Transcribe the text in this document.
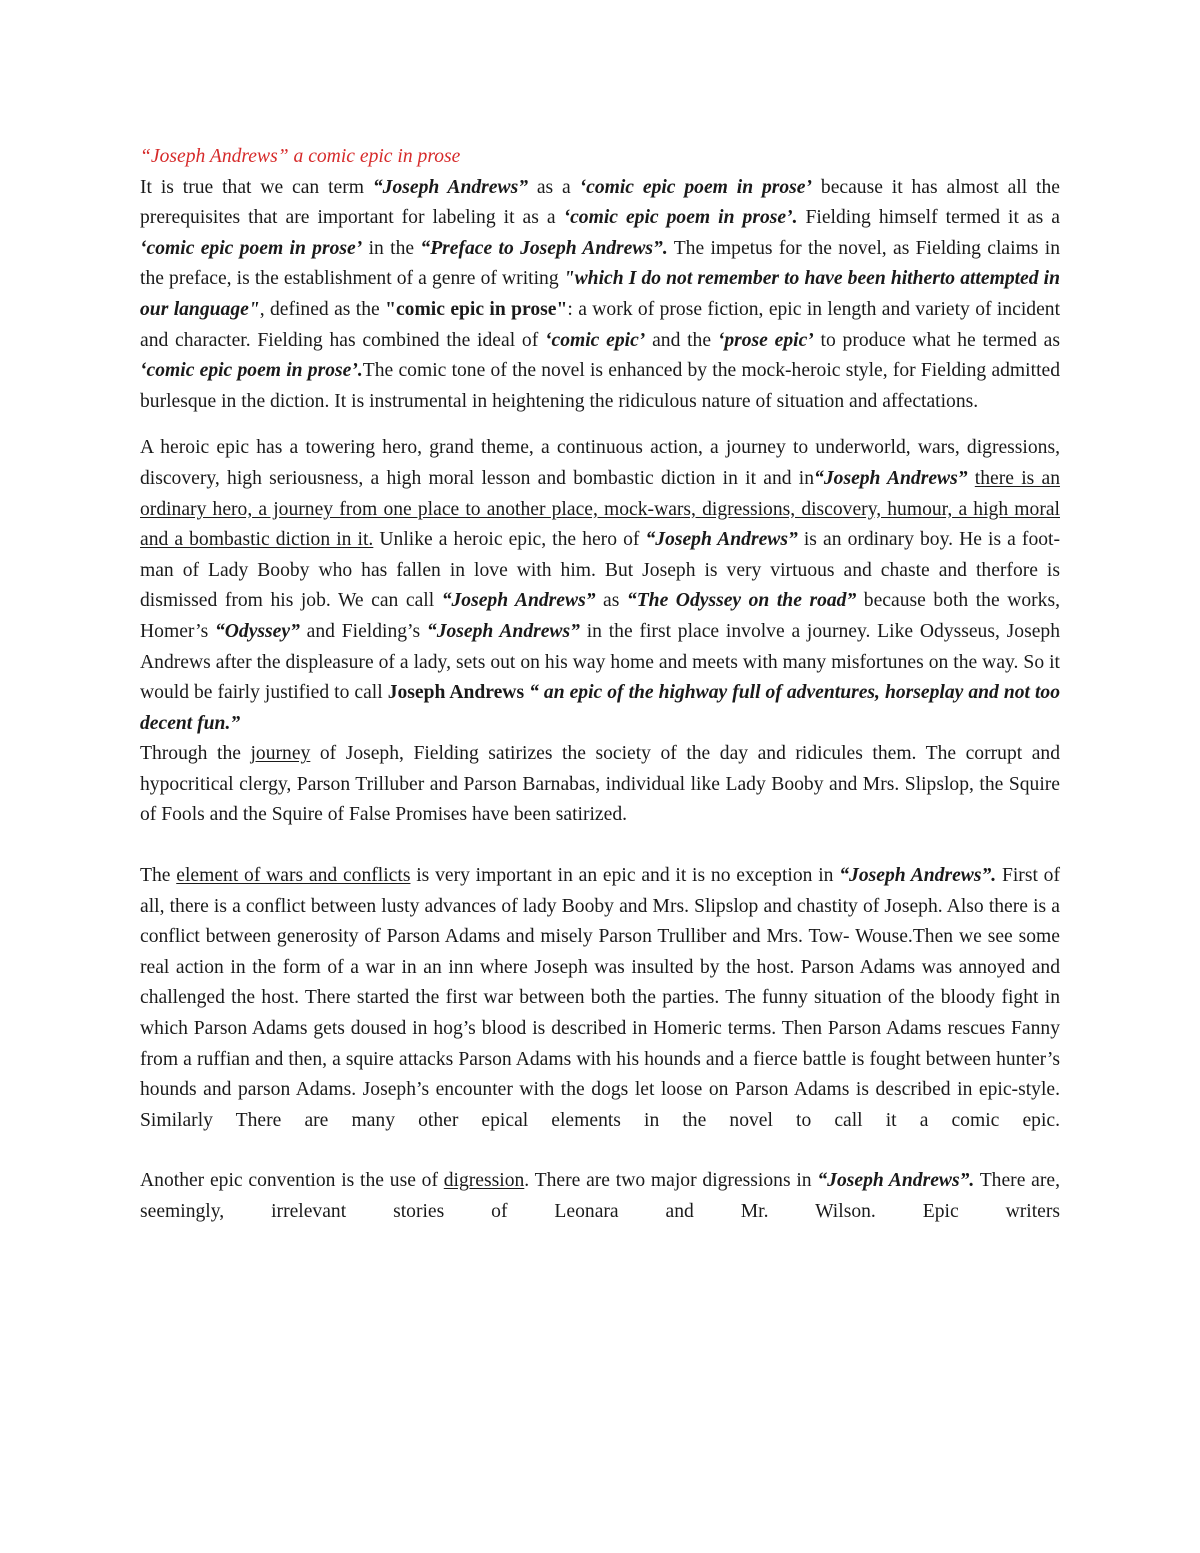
“Joseph Andrews” a comic epic in prose

It is true that we can term “Joseph Andrews” as a ‘comic epic poem in prose’ because it has almost all the prerequisites that are important for labeling it as a ‘comic epic poem in prose’. Fielding himself termed it as a ‘comic epic poem in prose’ in the “Preface to Joseph Andrews”. The impetus for the novel, as Fielding claims in the preface, is the establishment of a genre of writing "which I do not remember to have been hitherto attempted in our language", defined as the "comic epic in prose": a work of prose fiction, epic in length and variety of incident and character. Fielding has combined the ideal of ‘comic epic’ and the ‘prose epic’ to produce what he termed as ‘comic epic poem in prose’.The comic tone of the novel is enhanced by the mock-heroic style, for Fielding admitted burlesque in the diction. It is instrumental in heightening the ridiculous nature of situation and affectations.

A heroic epic has a towering hero, grand theme, a continuous action, a journey to underworld, wars, digressions, discovery, high seriousness, a high moral lesson and bombastic diction in it and in“Joseph Andrews” there is an ordinary hero, a journey from one place to another place, mock-wars, digressions, discovery, humour, a high moral and a bombastic diction in it. Unlike a heroic epic, the hero of “Joseph Andrews” is an ordinary boy. He is a foot-man of Lady Booby who has fallen in love with him. But Joseph is very virtuous and chaste and therfore is dismissed from his job. We can call “Joseph Andrews” as “The Odyssey on the road” because both the works, Homer’s “Odyssey” and Fielding’s “Joseph Andrews” in the first place involve a journey. Like Odysseus, Joseph Andrews after the displeasure of a lady, sets out on his way home and meets with many misfortunes on the way. So it would be fairly justified to call Joseph Andrews “ an epic of the highway full of adventures, horseplay and not too decent fun.”

Through the journey of Joseph, Fielding satirizes the society of the day and ridicules them. The corrupt and hypocritical clergy, Parson Trilluber and Parson Barnabas, individual like Lady Booby and Mrs. Slipslop, the Squire of Fools and the Squire of False Promises have been satirized.

The element of wars and conflicts is very important in an epic and it is no exception in “Joseph Andrews”. First of all, there is a conflict between lusty advances of lady Booby and Mrs. Slipslop and chastity of Joseph. Also there is a conflict between generosity of Parson Adams and misely Parson Trulliber and Mrs. Tow- Wouse.Then we see some real action in the form of a war in an inn where Joseph was insulted by the host. Parson Adams was annoyed and challenged the host. There started the first war between both the parties. The funny situation of the bloody fight in which Parson Adams gets doused in hog’s blood is described in Homeric terms. Then Parson Adams rescues Fanny from a ruffian and then, a squire attacks Parson Adams with his hounds and a fierce battle is fought between hunter’s hounds and parson Adams. Joseph’s encounter with the dogs let loose on Parson Adams is described in epic-style. Similarly There are many other epical elements in the novel to call it a comic epic.

Another epic convention is the use of digression. There are two major digressions in “Joseph Andrews”. There are, seemingly, irrelevant stories of Leonara and Mr. Wilson. Epic writers
